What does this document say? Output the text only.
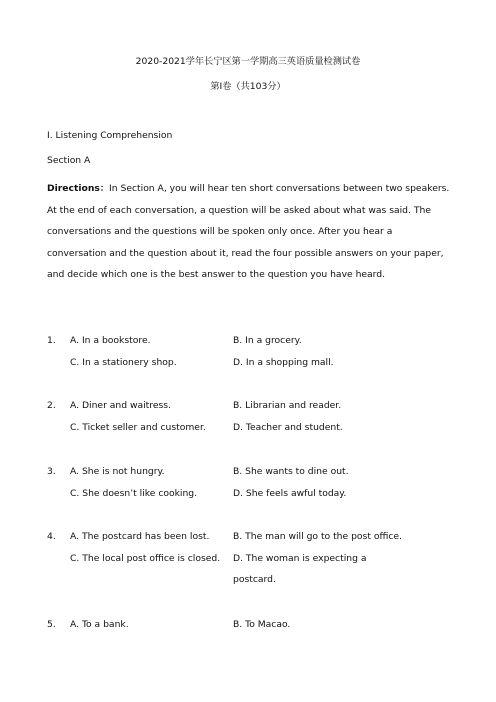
2020-2021学年长宁区第一学期高三英语质量检测试卷
第I卷（共103分）
I. Listening Comprehension
Section A
Directions：In Section A, you will hear ten short conversations between two speakers. At the end of each conversation, a question will be asked about what was said. The conversations and the questions will be spoken only once. After you hear a conversation and the question about it, read the four possible answers on your paper, and decide which one is the best answer to the question you have heard.
1. A. In a bookstore.	B. In a grocery.
C. In a stationery shop.	D. In a shopping mall.
2. A. Diner and waitress.	B. Librarian and reader.
C. Ticket seller and customer.	D. Teacher and student.
3. A. She is not hungry.	B. She wants to dine out.
C. She doesn’t like cooking.	D. She feels awful today.
4. A. The postcard has been lost.	B. The man will go to the post office.
C. The local post office is closed. D. The woman is expecting a
postcard.
5. A. To a bank.	B. To Macao.
